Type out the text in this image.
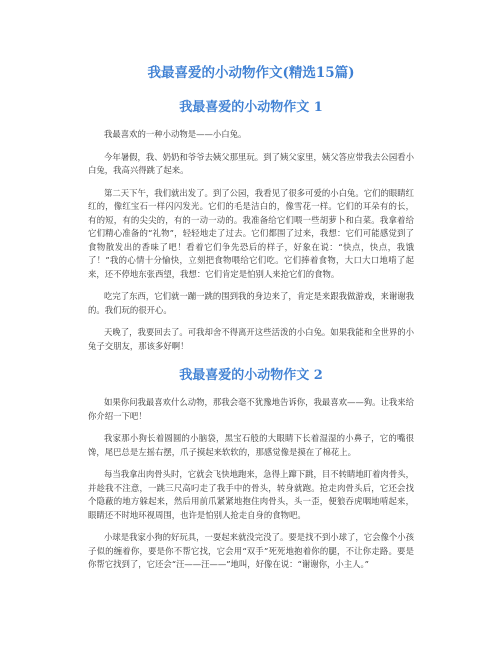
我最喜爱的小动物作文(精选15篇)
我最喜爱的小动物作文 1

我最喜欢的一种小动物是——小白兔。

今年暑假，我、奶奶和爷爷去姨父那里玩。到了姨父家里，姨父答应带我去公园看小白兔，我高兴得跳了起来。

第二天下午，我们就出发了。到了公园，我看见了很多可爱的小白兔。它们的眼睛红红的，像红宝石一样闪闪发光。它们的毛是洁白的，像雪花一样。它们的耳朵有的长，有的短，有的尖尖的，有的一动一动的。我准备给它们喂一些胡萝卜和白菜。我拿着给它们精心准备的“礼物”，轻轻地走了过去。它们都围了过来，我想：它们可能感觉到了食物散发出的香味了吧！看着它们争先恐后的样子，好象在说：“快点，快点，我饿了！”我的心情十分愉快，立刻把食物喂给它们吃。它们捧着食物，大口大口地啃了起来，还不停地东张西望，我想：它们肯定是怕别人来抢它们的食物。

吃完了东西，它们就一蹦一跳的围到我的身边来了，肯定是来跟我做游戏，来谢谢我的。我们玩的很开心。

天晚了，我要回去了。可我却舍不得离开这些活泼的小白兔。如果我能和全世界的小兔子交朋友，那该多好啊！

我最喜爱的小动物作文 2

如果你问我最喜欢什么动物，那我会毫不犹豫地告诉你，我最喜欢——狗。让我来给你介绍一下吧！

我家那小狗长着圆圆的小脑袋，黑宝石般的大眼睛下长着湿湿的小鼻子，它的嘴很馋，尾巴总是左摇右摆，爪子摸起来软软的，那感觉像是摸在了棉花上。

每当我拿出肉骨头时，它就会飞快地跑来，急得上蹿下跳，目不转睛地盯着肉骨头，并趁我不注意，一跳三尺高叼走了我手中的骨头，转身就跑。抢走肉骨头后，它还会找个隐蔽的地方躲起来，然后用前爪紧紧地抱住肉骨头，头一歪，便狼吞虎咽地啃起来，眼睛还不时地环视周围，也许是怕别人抢走自身的食物吧。

小球是我家小狗的好玩具，一耍起来就没完没了。要是找不到小球了，它会像个小孩子似的缠着你，要是你不帮它找，它会用“双手”死死地抱着你的腿，不让你走路。要是你帮它找到了，它还会“汪——汪——”地叫，好像在说：“谢谢你，小主人。”
